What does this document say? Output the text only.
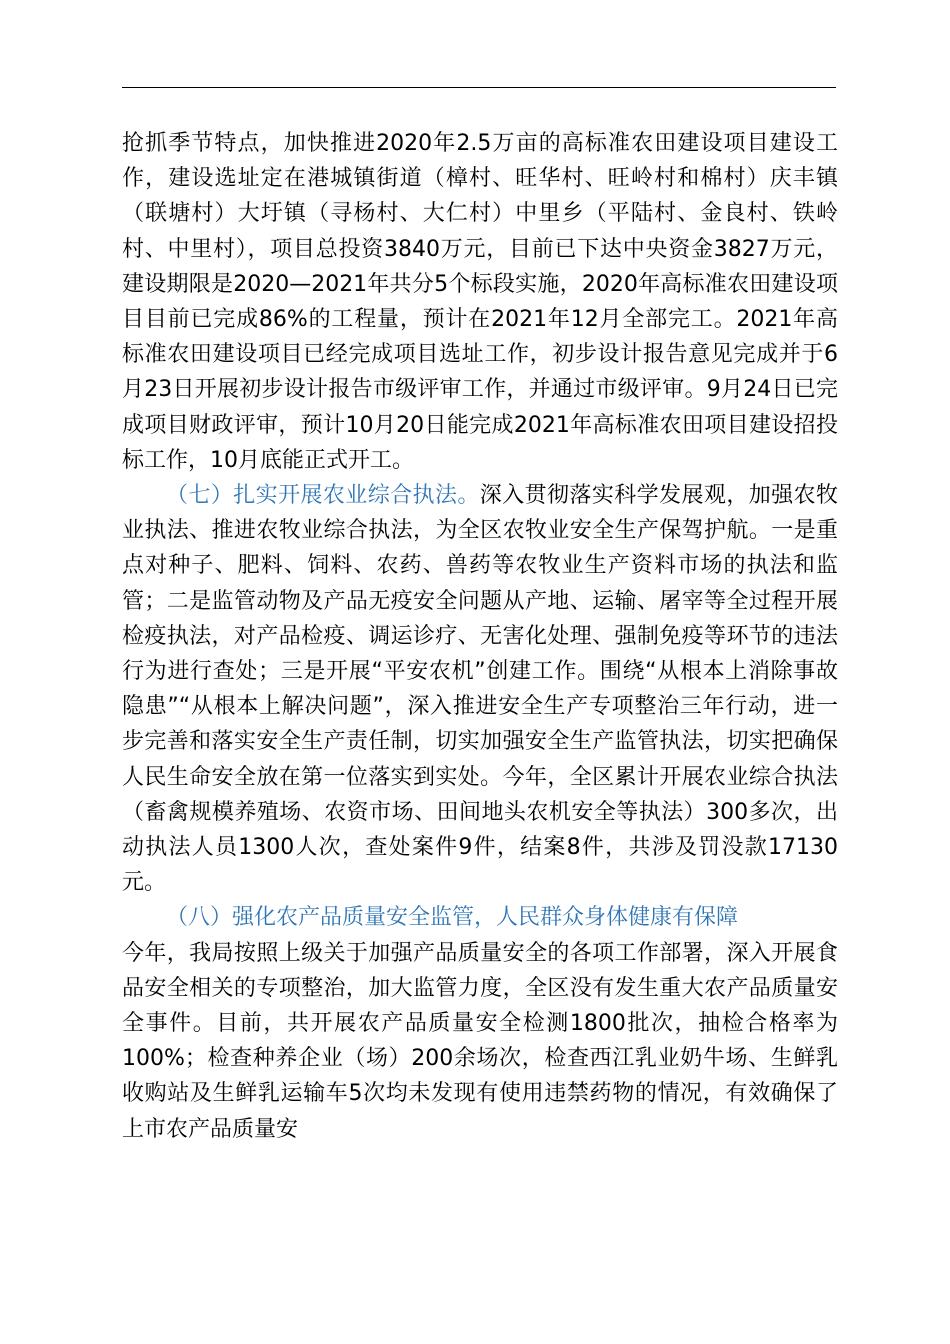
抢抓季节特点，加快推进2020年2.5万亩的高标准农田建设项目建设工作，建设选址定在港城镇街道（樟村、旺华村、旺岭村和棉村）庆丰镇（联塘村）大圩镇（寻杨村、大仁村）中里乡（平陆村、金良村、铁岭村、中里村），项目总投资3840万元，目前已下达中央资金3827万元，建设期限是2020—2021年共分5个标段实施，2020年高标准农田建设项目目前已完成86%的工程量，预计在2021年12月全部完工。2021年高标准农田建设项目已经完成项目选址工作，初步设计报告意见完成并于6月23日开展初步设计报告市级评审工作，并通过市级评审。9月24日已完成项目财政评审，预计10月20日能完成2021年高标准农田项目建设招投标工作，10月底能正式开工。

（七）扎实开展农业综合执法。深入贯彻落实科学发展观，加强农牧业执法、推进农牧业综合执法，为全区农牧业安全生产保驾护航。一是重点对种子、肥料、饲料、农药、兽药等农牧业生产资料市场的执法和监管；二是监管动物及产品无疫安全问题从产地、运输、屠宰等全过程开展检疫执法，对产品检疫、调运诊疗、无害化处理、强制免疫等环节的违法行为进行查处；三是开展“平安农机”创建工作。围绕“从根本上消除事故隐患”“从根本上解决问题”，深入推进安全生产专项整治三年行动，进一步完善和落实安全生产责任制，切实加强安全生产监管执法，切实把确保人民生命安全放在第一位落实到实处。今年，全区累计开展农业综合执法（畜禽规模养殖场、农资市场、田间地头农机安全等执法）300多次，出动执法人员1300人次，查处案件9件，结案8件，共涉及罚没款17130元。

（八）强化农产品质量安全监管，人民群众身体健康有保障

今年，我局按照上级关于加强产品质量安全的各项工作部署，深入开展食品安全相关的专项整治，加大监管力度，全区没有发生重大农产品质量安全事件。目前，共开展农产品质量安全检测1800批次，抽检合格率为100%；检查种养企业（场）200余场次，检查西江乳业奶牛场、生鲜乳收购站及生鲜乳运输车5次均未发现有使用违禁药物的情况，有效确保了上市农产品质量安
